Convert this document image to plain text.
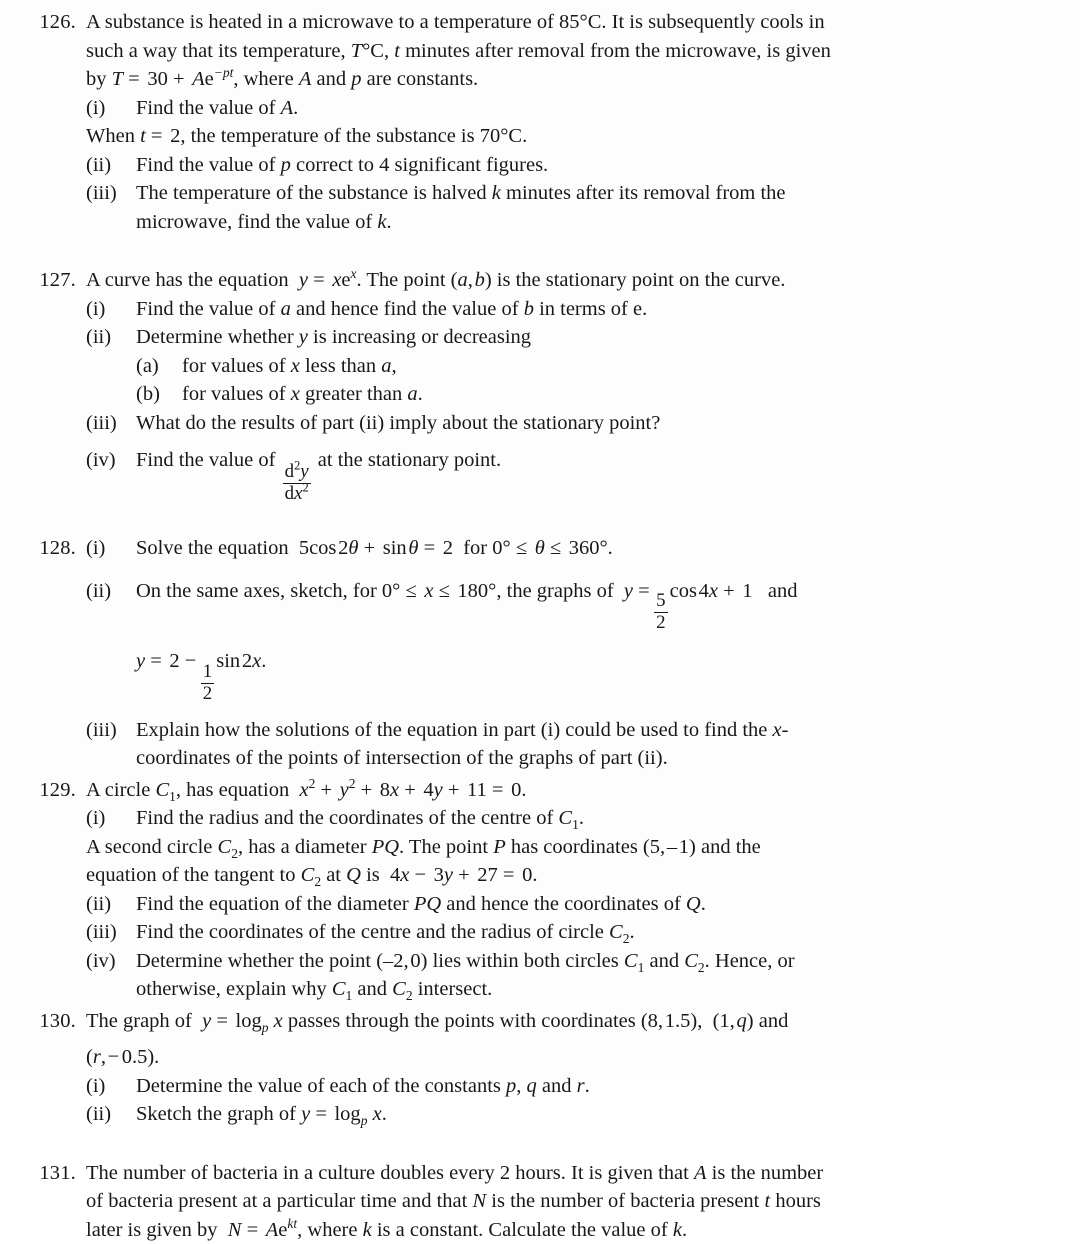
126. A substance is heated in a microwave to a temperature of 85°C. It is subsequently cools in
such a way that its temperature, T°C, t minutes after removal from the microwave, is given
by $T = 30 + Ae^{-pt}$, where A and p are constants.
(i)	Find the value of A.
When t = 2, the temperature of the substance is 70°C.
(ii)	Find the value of p correct to 4 significant figures.
(iii) The temperature of the substance is halved k minutes after its removal from the
microwave, find the value of k.
127. A curve has the equation  $y = xe^x$. The point (a, b) is the stationary point on the curve.
(i)	Find the value of a and hence find the value of b in terms of e.
(ii)	Determine whether y is increasing or decreasing
(a)	for values of x less than a,
(b)	for values of x greater than a.
(iii) What do the results of part (ii) imply about the stationary point?
(iv) Find the value of
$\frac{d^2y}{dx^2}$
at the stationary point.
128. (i)	Solve the equation  5cos 2θ + sin θ = 2  for 0° ≤ θ ≤ 360°.
(ii)	On the same axes, sketch, for 0° ≤ x ≤ 180°, the graphs of  y =
$\frac{5}{2}$
cos 4x + 1   and
y = 2 −
$\frac{1}{2}$
sin 2x.
(iii) Explain how the solutions of the equation in part (i) could be used to find the x-
coordinates of the points of intersection of the graphs of part (ii).
129. A circle $C_1$, has equation  $x^2 + y^2 + 8x + 4y + 11 = 0$.
(i)	Find the radius and the coordinates of the centre of $C_1$.
A second circle $C_2$, has a diameter PQ. The point P has coordinates (5, – 1) and the
equation of the tangent to $C_2$ at Q is  4x − 3y + 27 = 0.
(ii)	Find the equation of the diameter PQ and hence the coordinates of Q.
(iii) Find the coordinates of the centre and the radius of circle $C_2$.
(iv) Determine whether the point (–2, 0) lies within both circles $C_1$ and $C_2$. Hence, or
otherwise, explain why $C_1$ and $C_2$ intersect.
130. The graph of  $y = \log_p x$ passes through the points with coordinates (8, 1.5),  (1, q) and
(r, −0.5).
(i)	Determine the value of each of the constants p, q and r.
(ii)	Sketch the graph of $y = \log_p x$.
131. The number of bacteria in a culture doubles every 2 hours. It is given that A is the number
of bacteria present at a particular time and that N is the number of bacteria present t hours
later is given by  $N = Ae^{kt}$, where k is a constant. Calculate the value of k.
